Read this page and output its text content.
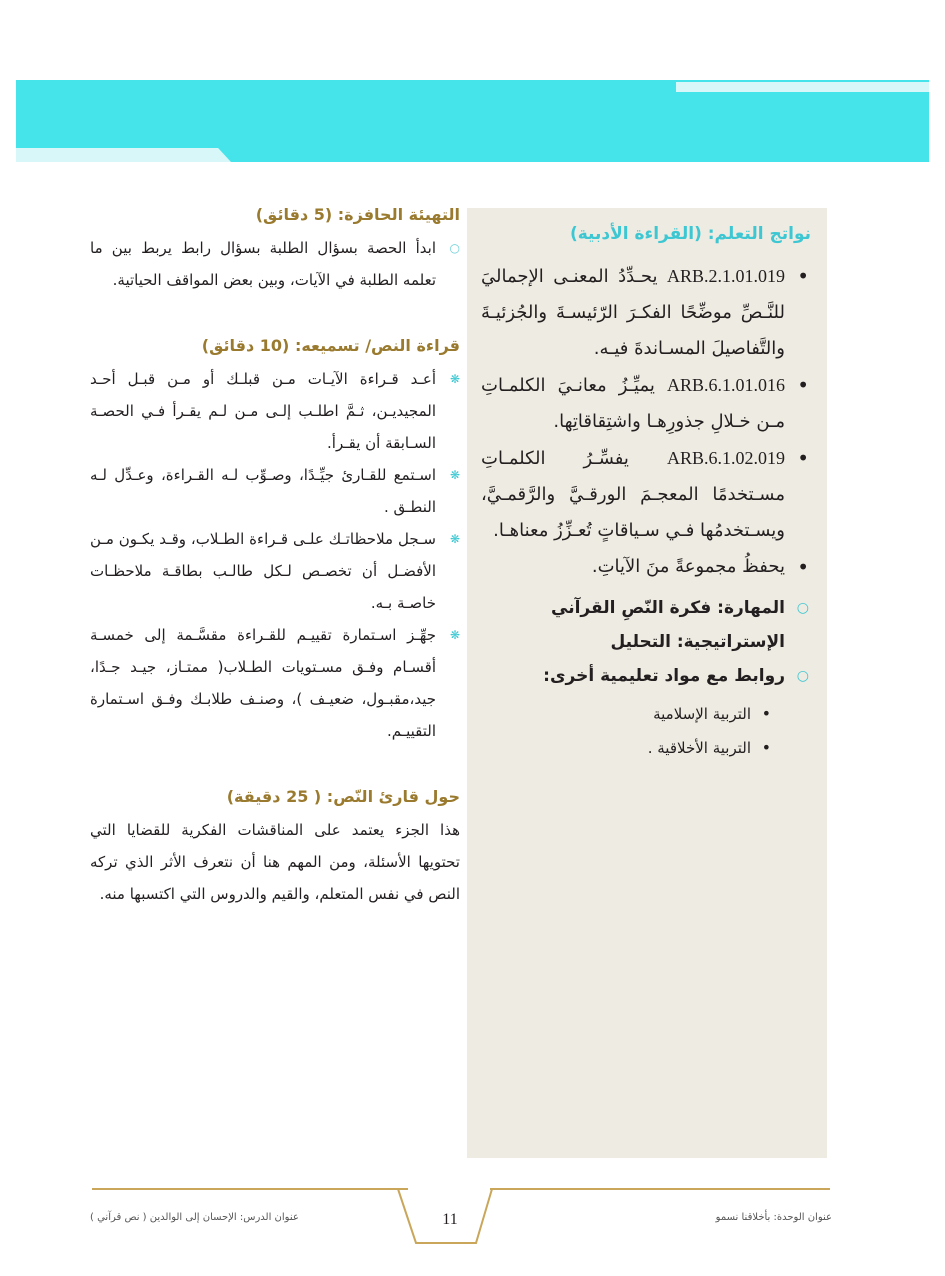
نواتج التعلم: (القراءة الأدبية)
• ARB.2.1.01.019 يحـدِّدُ المعنـى الإجماليَ للنَّـصِّ موضِّحًا الفكـرَ الرّئيسـةَ والجُزئيـةَ والتَّفاصيلَ المسـاندةَ فيـه.
• ARB.6.1.01.016 يميِّـزُ معانـيَ الكلمـاتِ مـن خـلالِ جذورِهـا واشتِقاقاتِها.
• ARB.6.1.02.019 يفسِّـرُ الكلمـاتِ مسـتخدمًا المعجـمَ الورقـيَّ والرَّقمـيَّ، ويسـتخدمُها فـي سـياقاتٍ تُعـزِّزُ معناهـا.
• يحفظُ مجموعةً منَ الآياتِ.
○
المهارة: فكرة النّصِ القرآني
الإستراتيجية: التحليل
○
روابط مع مواد تعليمية أخرى:
• التربية الإسلامية
• التربية الأخلاقية .
التهيئة الحافزة: (5 دقائق)

○
ابدأ الحصة بسؤال الطلبة بسؤال رابط يربط بين ما تعلمه الطلبة في الآيات، وبين بعض المواقف الحياتية.

قراءة النص/ تسميعه: (10 دقائق)

❋
أعـد قـراءة الآيـات مـن قبلـك أو مـن قبـل أحـد المجيديـن، ثـمَّ اطلـب إلـى مـن لـم يقـرأ فـي الحصـة السـابقة أن يقـرأ.

❋
اسـتمع للقـارئ جيِّـدًا، وصـوِّب لـه القـراءة، وعـدِّل لـه النطـق .

❋
سـجل ملاحظاتـك علـى قـراءة الطـلاب، وقـد يكـون مـن الأفضـل أن تخصـص لـكل طالـب بطاقـة ملاحظـات خاصـة بـه.

❋
جهِّـز اسـتمارة تقييـم للقـراءة مقسَّـمة إلى خمسـة أقسـام وفـق مسـتويات الطـلاب( ممتـاز، جيـد جـدًا، جيد،مقبـول، ضعيـف )، وصنـف طلابـك وفـق اسـتمارة التقييـم.

حول قارئ النّص: ( 25 دقيقة)

هذا الجزء يعتمد على المناقشات الفكرية للقضايا التي تحتويها الأسئلة، ومن المهم هنا أن نتعرف الأثر الذي تركه النص في نفس المتعلم، والقيم والدروس التي اكتسبها منه.

11
عنوان الدرس: الإحسان إلى الوالدين ( نص قرآني )	عنوان الوحدة: بأخلاقنا نسمو
